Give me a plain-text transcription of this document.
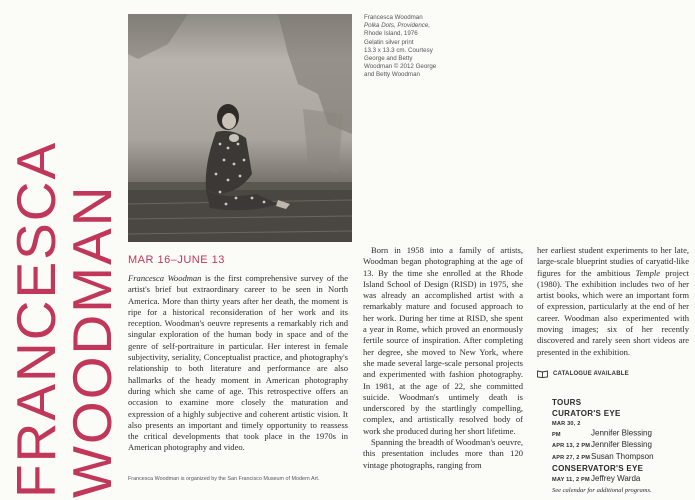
FRANCESCA
WOODMAN
Francesca Woodman
Polka Dots, Providence,
Rhode Island, 1976
Gelatin silver print
13.3 x 13.3 cm. Courtesy
George and Betty
Woodman © 2012 George
and Betty Woodman
MAR 16–JUNE 13

Francesca Woodman is the first comprehensive survey of the artist's brief but extraordinary career to be seen in North America. More than thirty years after her death, the moment is ripe for a historical reconsideration of her work and its reception. Woodman's oeuvre represents a remarkably rich and singular exploration of the human body in space and of the genre of self-portraiture in particular. Her interest in female subjectivity, seriality, Conceptualist practice, and photography's relationship to both literature and performance are also hallmarks of the heady moment in American photography during which she came of age. This retrospective offers an occasion to examine more closely the maturation and expression of a highly subjective and coherent artistic vision. It also presents an important and timely opportunity to reassess the critical developments that took place in the 1970s in American photography and video.

Francesca Woodman is organized by the San Francisco Museum of Modern Art.

Born in 1958 into a family of artists, Woodman began photographing at the age of 13. By the time she enrolled at the Rhode Island School of Design (RISD) in 1975, she was already an accomplished artist with a remarkably mature and focused approach to her work. During her time at RISD, she spent a year in Rome, which proved an enormously fertile source of inspiration. After completing her degree, she moved to New York, where she made several large-scale personal projects and experimented with fashion photography. In 1981, at the age of 22, she committed suicide. Woodman's untimely death is underscored by the startlingly compelling, complex, and artistically resolved body of work she produced during her short lifetime.

Spanning the breadth of Woodman's oeuvre, this presentation includes more than 120 vintage photographs, ranging from

her earliest student experiments to her late, large-scale blueprint studies of caryatid-like figures for the ambitious Temple project (1980). The exhibition includes two of her artist books, which were an important form of expression, particularly at the end of her career. Woodman also experimented with moving images; six of her recently discovered and rarely seen short videos are presented in the exhibition.

CATALOGUE AVAILABLE
TOURS
CURATOR'S EYE
MAR 30, 2 PM	Jennifer Blessing
APR 13, 2 PMJennifer Blessing
APR 27, 2 PMSusan Thompson
CONSERVATOR'S EYE
MAY 11, 2 PMJeffrey Warda
See calendar for additional programs.
